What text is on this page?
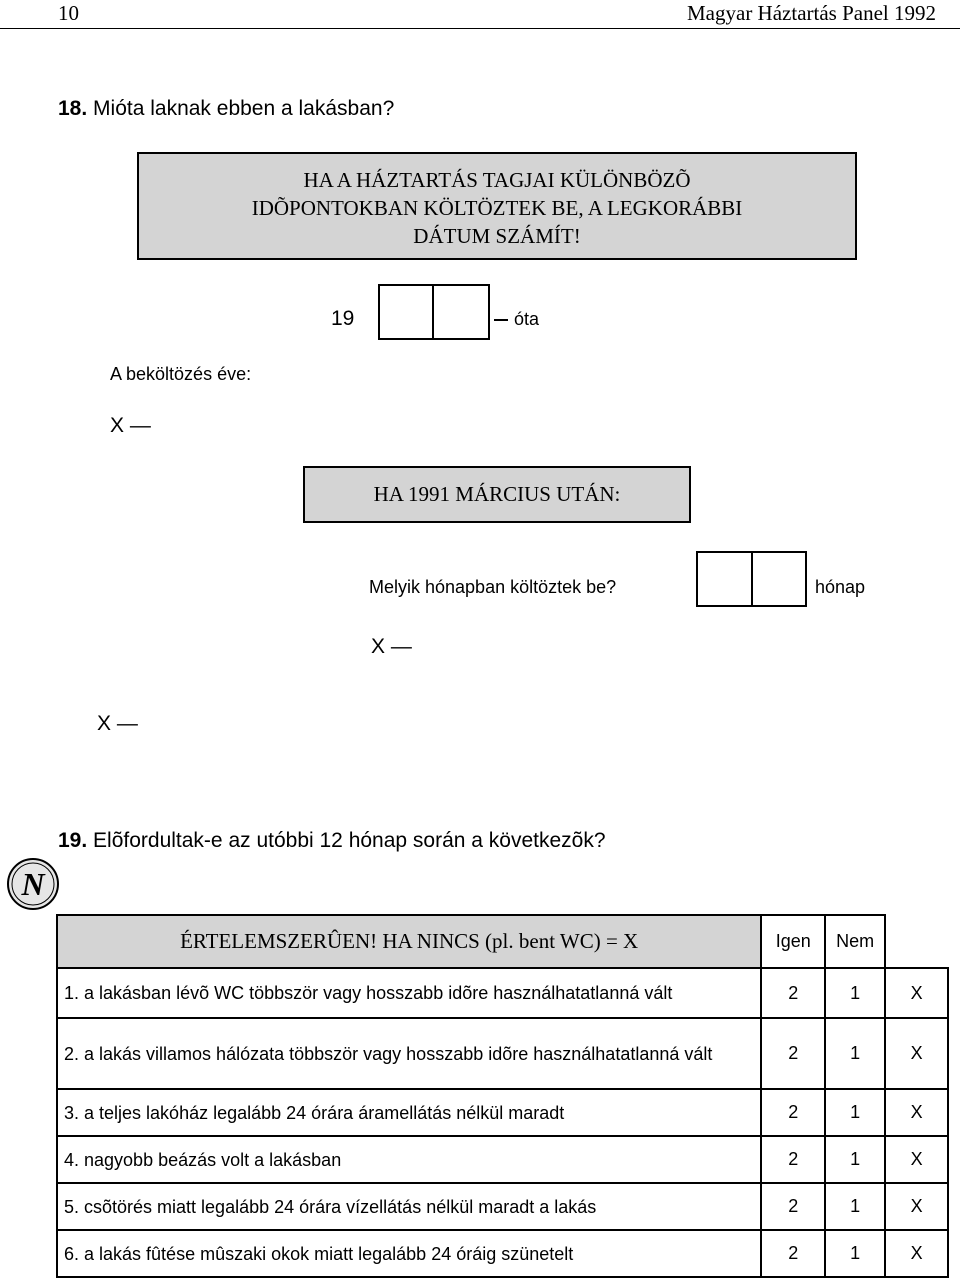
10	Magyar Háztartás Panel 1992
18. Mióta laknak ebben a lakásban?
HA A HÁZTARTÁS TAGJAI KÜLÖNBÖZÕ
IDÕPONTOKBAN KÖLTÖZTEK BE, A LEGKORÁBBI
DÁTUM SZÁMÍT!
19	óta
A beköltözés éve:
X —
HA 1991 MÁRCIUS UTÁN:
Melyik hónapban költöztek be?	hónap
X —
X —
19. Elõfordultak-e az utóbbi 12 hónap során a következõk?
N
ÉRTELEMSZERÛEN! HA NINCS (pl. bent WC) = X	Igen	Nem	
1. a lakásban lévõ WC többször vagy hosszabb idõre használhatatlanná vált	2	1	X
2. a lakás villamos hálózata többször vagy hosszabb idõre használhatatlanná vált	2	1	X
3. a teljes lakóház legalább 24 órára áramellátás nélkül maradt	2	1	X
4. nagyobb beázás volt a lakásban	2	1	X
5. csõtörés miatt legalább 24 órára vízellátás nélkül maradt a lakás	2	1	X
6. a lakás fûtése mûszaki okok miatt legalább 24 óráig szünetelt	2	1	X
